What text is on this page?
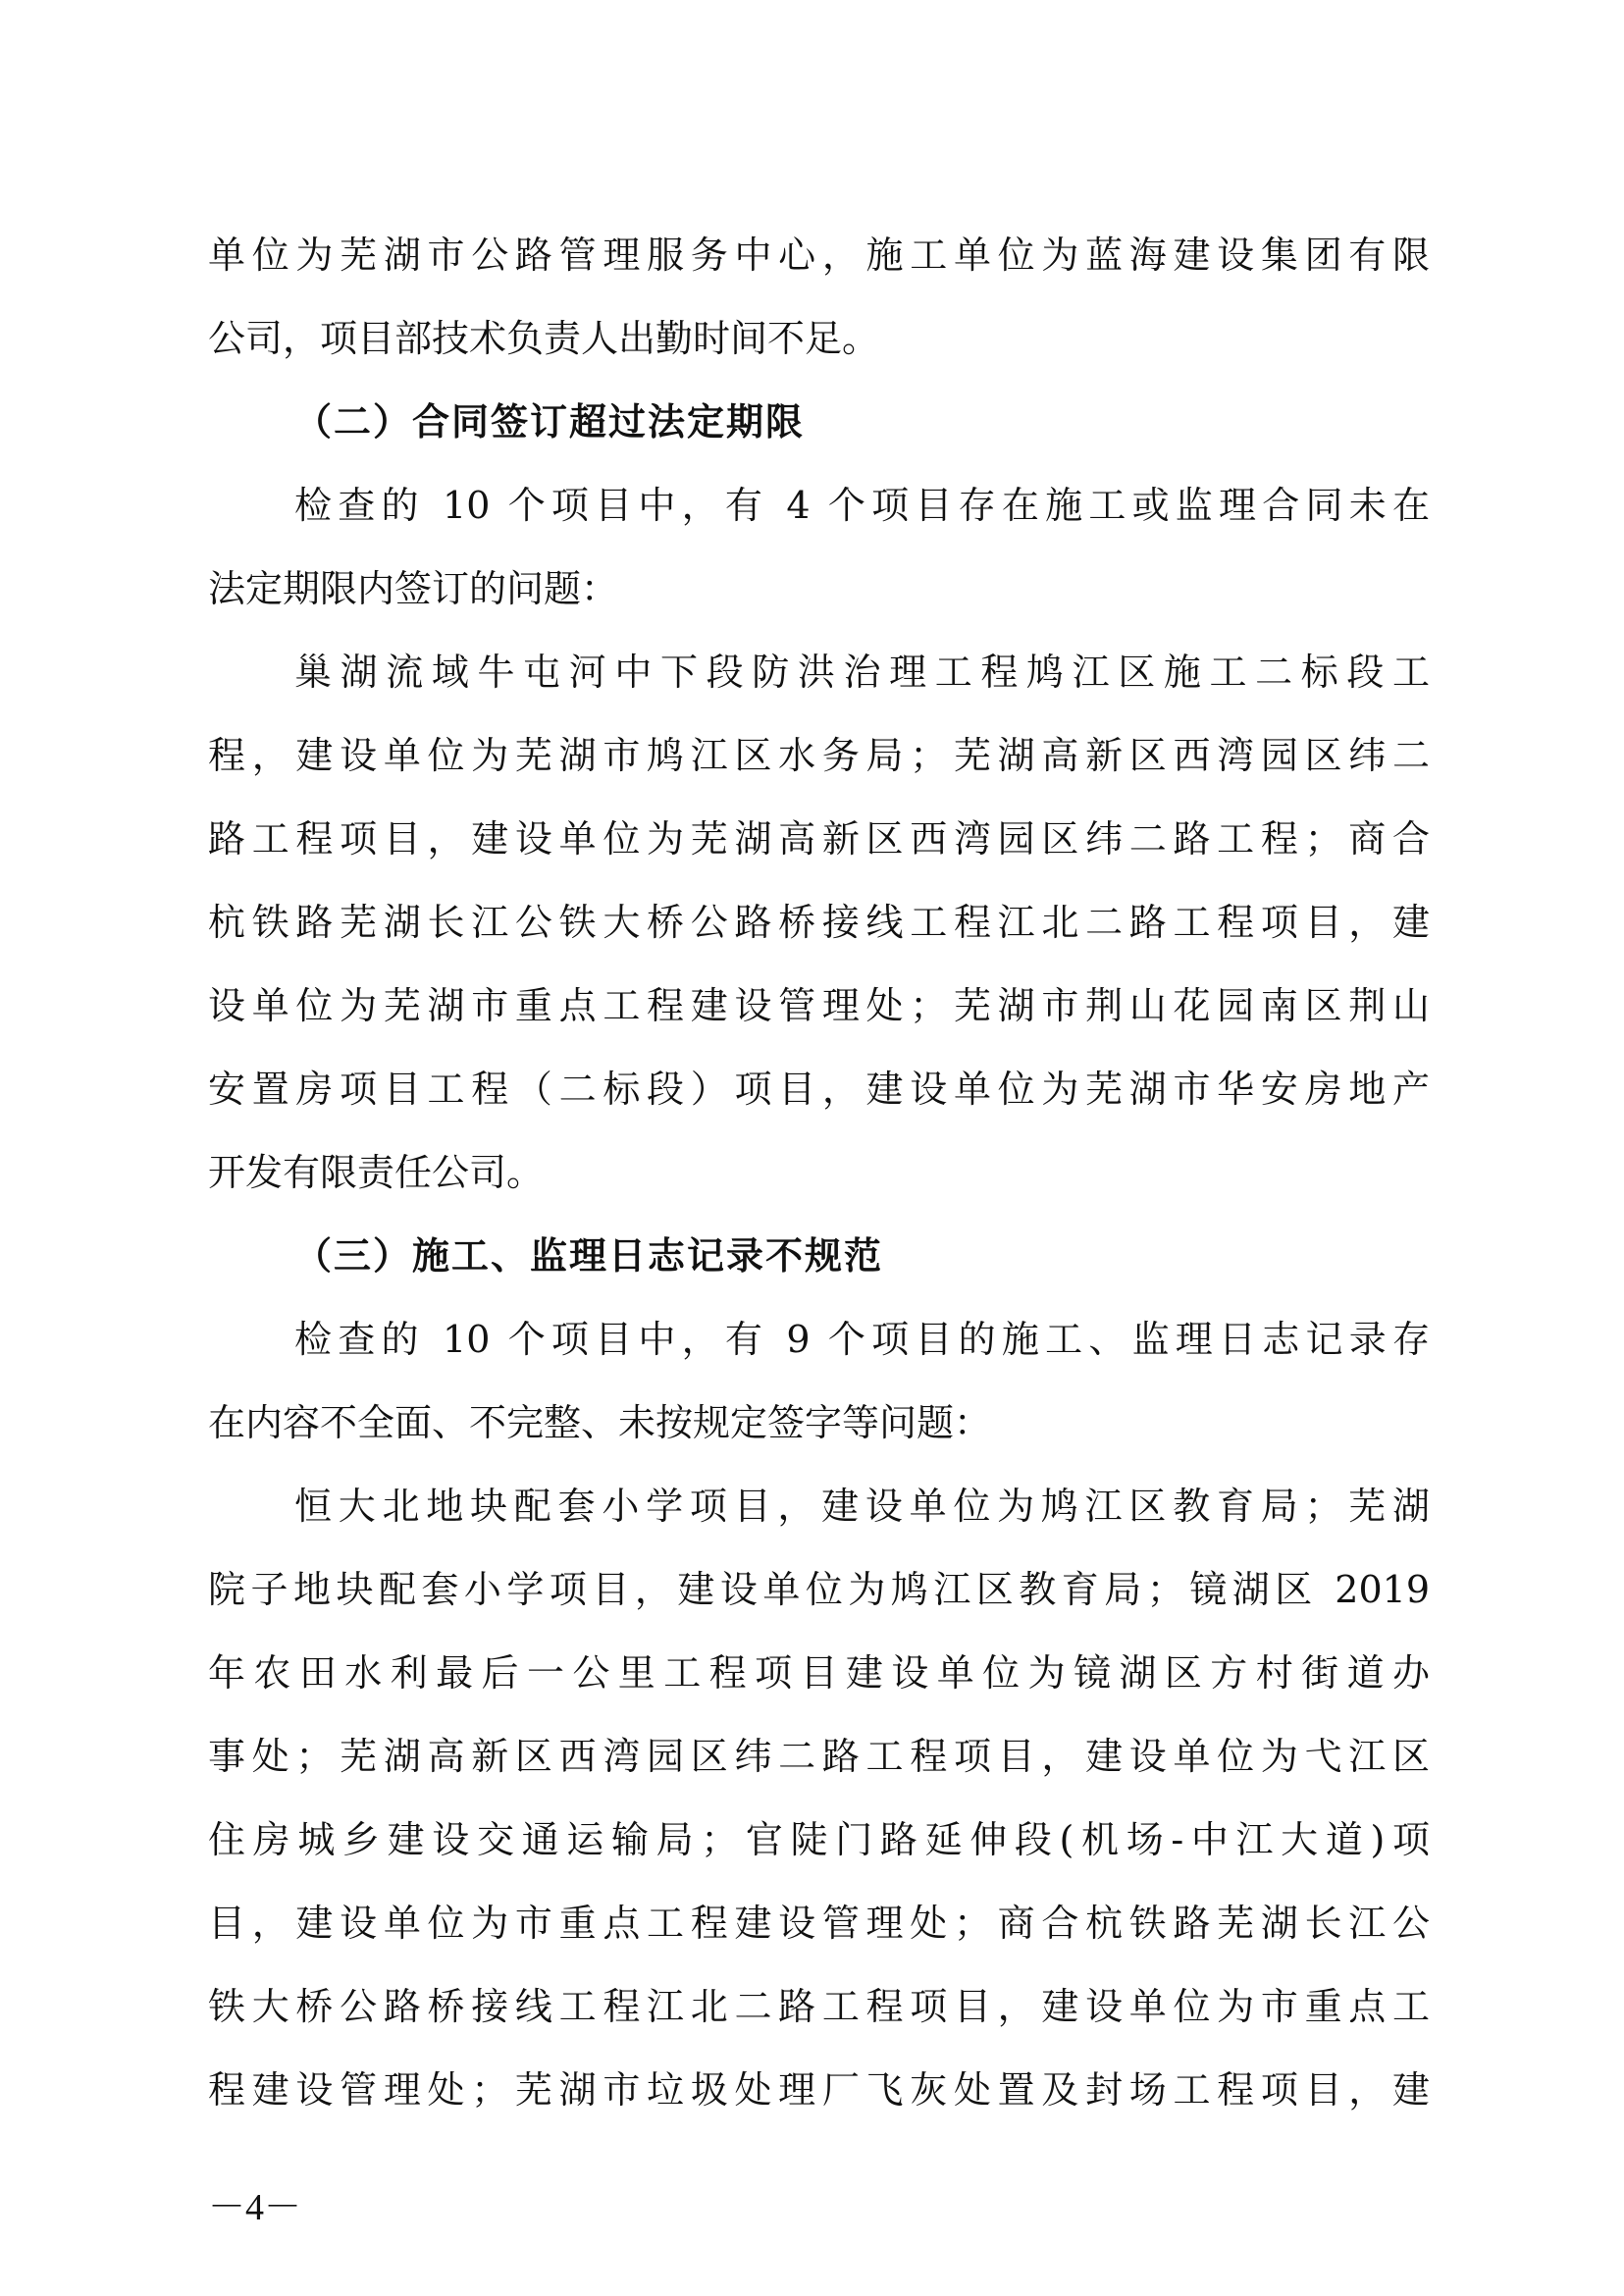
单位为芜湖市公路管理服务中心，施工单位为蓝海建设集团有限
公司，项目部技术负责人出勤时间不足。
（二）合同签订超过法定期限
检查的 10 个项目中，有 4 个项目存在施工或监理合同未在
法定期限内签订的问题：
巢湖流域牛屯河中下段防洪治理工程鸠江区施工二标段工
程，建设单位为芜湖市鸠江区水务局；芜湖高新区西湾园区纬二
路工程项目，建设单位为芜湖高新区西湾园区纬二路工程；商合
杭铁路芜湖长江公铁大桥公路桥接线工程江北二路工程项目，建
设单位为芜湖市重点工程建设管理处；芜湖市荆山花园南区荆山
安置房项目工程（二标段）项目，建设单位为芜湖市华安房地产
开发有限责任公司。
（三）施工、监理日志记录不规范
检查的 10 个项目中，有 9 个项目的施工、监理日志记录存
在内容不全面、不完整、未按规定签字等问题：
恒大北地块配套小学项目，建设单位为鸠江区教育局；芜湖
院子地块配套小学项目，建设单位为鸠江区教育局；镜湖区 2019
年农田水利最后一公里工程项目建设单位为镜湖区方村街道办
事处；芜湖高新区西湾园区纬二路工程项目，建设单位为弋江区
住房城乡建设交通运输局；官陡门路延伸段(机场-中江大道)项
目，建设单位为市重点工程建设管理处；商合杭铁路芜湖长江公
铁大桥公路桥接线工程江北二路工程项目，建设单位为市重点工
程建设管理处；芜湖市垃圾处理厂飞灰处置及封场工程项目，建
－4－
